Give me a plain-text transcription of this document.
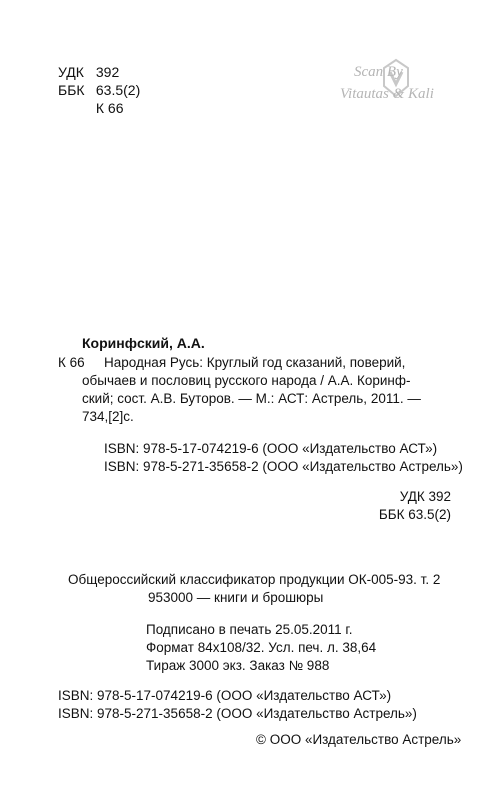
УДК 392
ББК 63.5(2)
К 66
Scan By
Vitautas & Kali
Коринфский, А.А.
К 66 Народная Русь: Круглый год сказаний, поверий,
обычаев и пословиц русского народа / А.А. Коринф-
ский; сост. А.В. Буторов. — М.: АСТ: Астрель, 2011. —
734,[2]с.
ISBN: 978-5-17-074219-6 (ООО «Издательство АСТ»)
ISBN: 978-5-271-35658-2 (ООО «Издательство Астрель»)
УДК 392
ББК 63.5(2)
Общероссийский классификатор продукции ОК-005-93. т. 2
953000 — книги и брошюры
Подписано в печать 25.05.2011 г.
Формат 84x108/32. Усл. печ. л. 38,64
Тираж 3000 экз. Заказ № 988
ISBN: 978-5-17-074219-6 (ООО «Издательство АСТ»)
ISBN: 978-5-271-35658-2 (ООО «Издательство Астрель»)
© ООО «Издательство Астрель»
